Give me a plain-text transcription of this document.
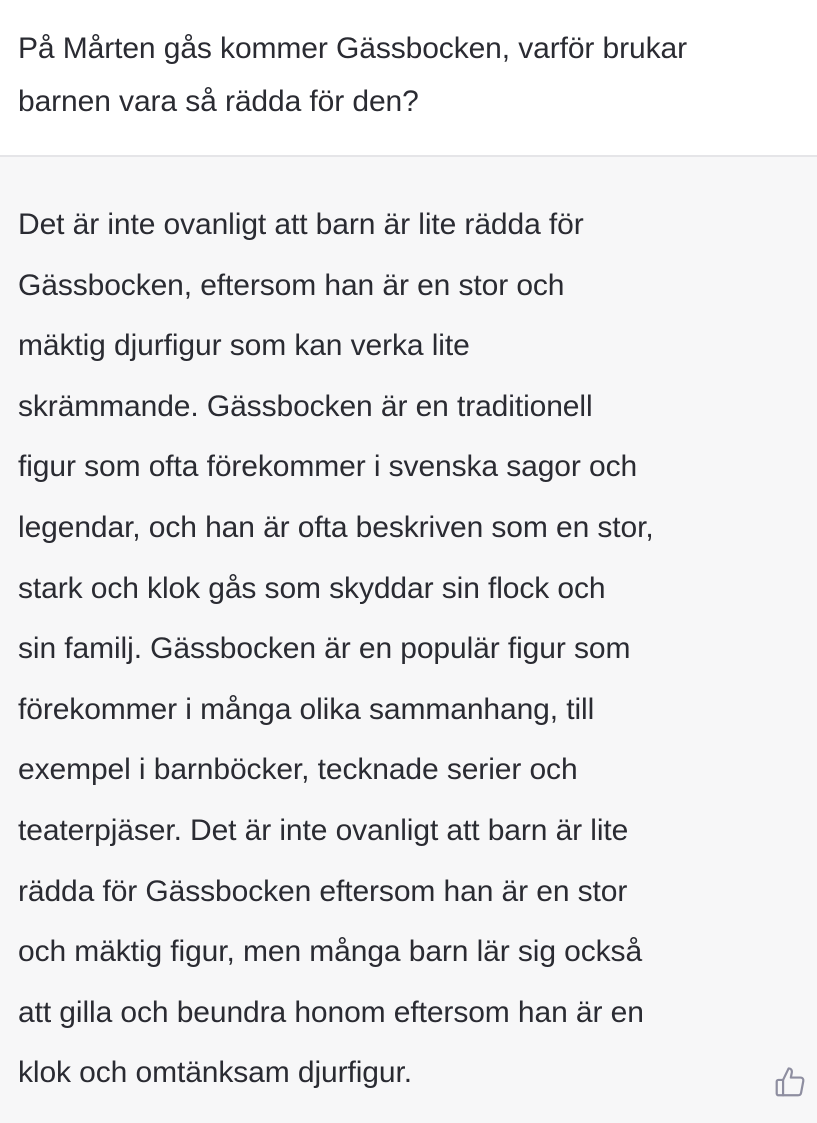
På Mårten gås kommer Gässbocken, varför brukar
barnen vara så rädda för den?

Det är inte ovanligt att barn är lite rädda för
Gässbocken, eftersom han är en stor och
mäktig djurfigur som kan verka lite
skrämmande. Gässbocken är en traditionell
figur som ofta förekommer i svenska sagor och
legendar, och han är ofta beskriven som en stor,
stark och klok gås som skyddar sin flock och
sin familj. Gässbocken är en populär figur som
förekommer i många olika sammanhang, till
exempel i barnböcker, tecknade serier och
teaterpjäser. Det är inte ovanligt att barn är lite
rädda för Gässbocken eftersom han är en stor
och mäktig figur, men många barn lär sig också
att gilla och beundra honom eftersom han är en
klok och omtänksam djurfigur.
